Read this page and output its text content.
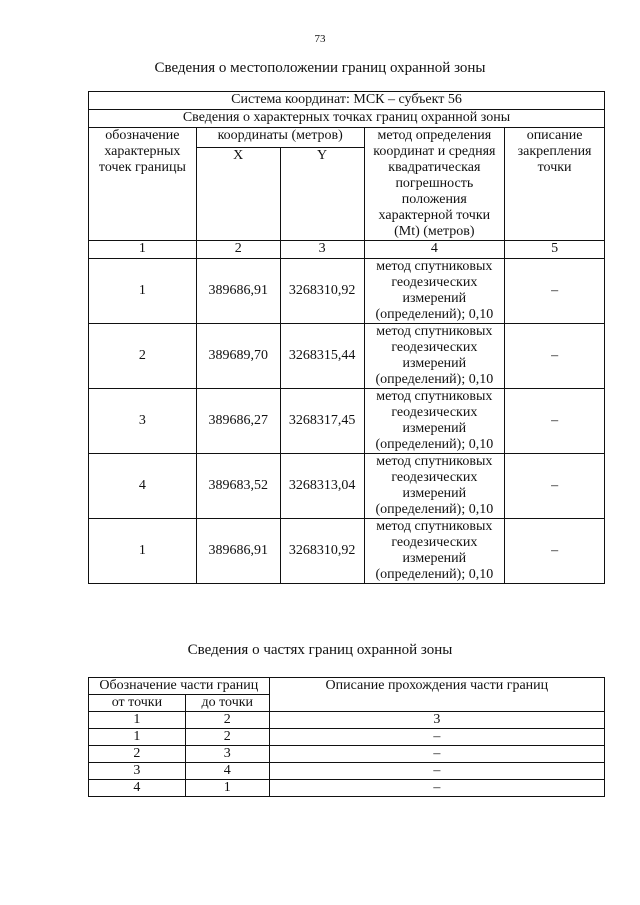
73
Сведения о местоположении границ охранной зоны
Система координат: МСК – субъект 56				
Сведения о характерных точках границ охранной зоны				
обозначение характерных точек границы	координаты (метров)		метод определения координат и средняя квадратическая погрешность положения характерной точки (Mt) (метров)	описание закрепления точки
	X	Y		
1	2	3	4	5
1	389686,91	3268310,92	метод спутниковых геодезических измерений (определений); 0,10	–
2	389689,70	3268315,44	метод спутниковых геодезических измерений (определений); 0,10	–
3	389686,27	3268317,45	метод спутниковых геодезических измерений (определений); 0,10	–
4	389683,52	3268313,04	метод спутниковых геодезических измерений (определений); 0,10	–
1	389686,91	3268310,92	метод спутниковых геодезических измерений (определений); 0,10	–
Сведения о частях границ охранной зоны
Обозначение части границ		Описание прохождения части границ
от точки	до точки	
1	2	3
1	2	–
2	3	–
3	4	–
4	1	–
